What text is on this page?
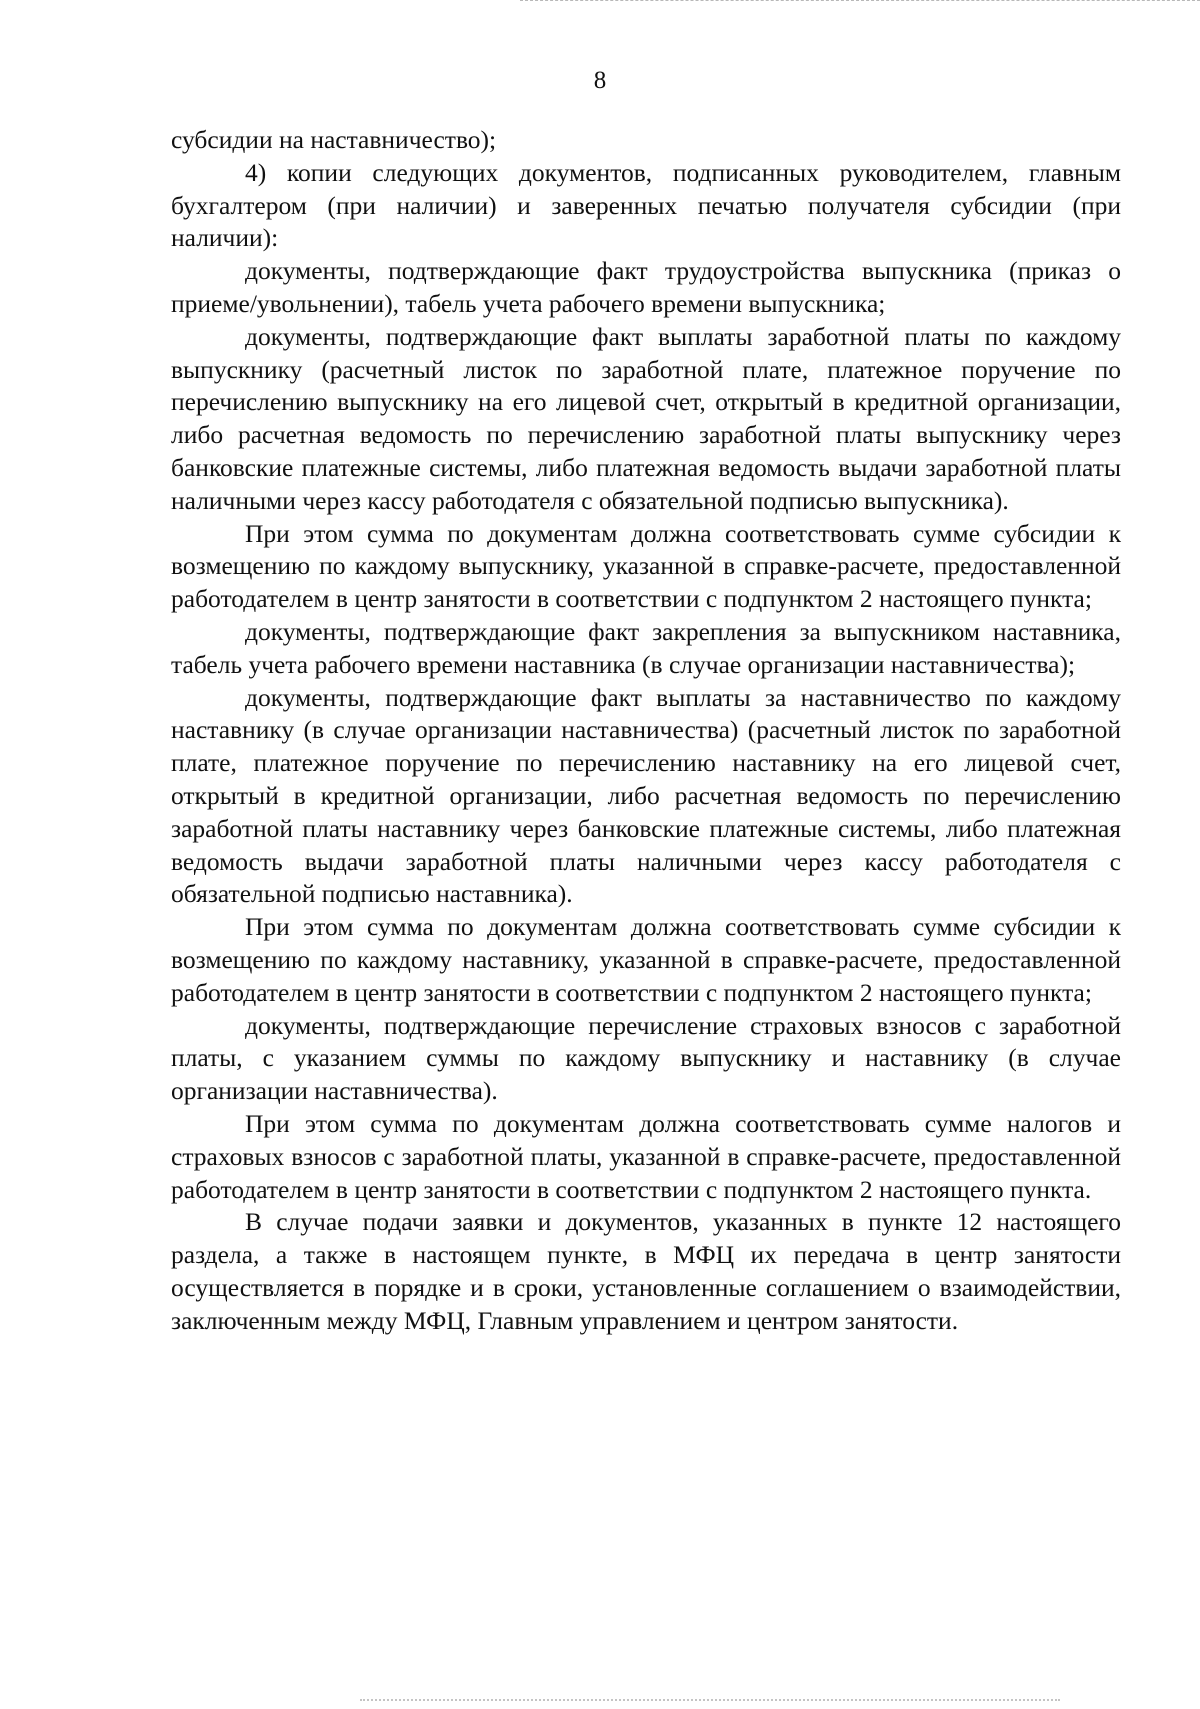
8

субсидии на наставничество);

4) копии следующих документов, подписанных руководителем, главным бухгалтером (при наличии) и заверенных печатью получателя субсидии (при наличии):

документы, подтверждающие факт трудоустройства выпускника (приказ о приеме/увольнении), табель учета рабочего времени выпускника;

документы, подтверждающие факт выплаты заработной платы по каждому выпускнику (расчетный листок по заработной плате, платежное поручение по перечислению выпускнику на его лицевой счет, открытый в кредитной организации, либо расчетная ведомость по перечислению заработной платы выпускнику через банковские платежные системы, либо платежная ведомость выдачи заработной платы наличными через кассу работодателя с обязательной подписью выпускника).

При этом сумма по документам должна соответствовать сумме субсидии к возмещению по каждому выпускнику, указанной в справке-расчете, предоставленной работодателем в центр занятости в соответствии с подпунктом 2 настоящего пункта;

документы, подтверждающие факт закрепления за выпускником наставника, табель учета рабочего времени наставника (в случае организации наставничества);

документы, подтверждающие факт выплаты за наставничество по каждому наставнику (в случае организации наставничества) (расчетный листок по заработной плате, платежное поручение по перечислению наставнику на его лицевой счет, открытый в кредитной организации, либо расчетная ведомость по перечислению заработной платы наставнику через банковские платежные системы, либо платежная ведомость выдачи заработной платы наличными через кассу работодателя с обязательной подписью наставника).

При этом сумма по документам должна соответствовать сумме субсидии к возмещению по каждому наставнику, указанной в справке-расчете, предоставленной работодателем в центр занятости в соответствии с подпунктом 2 настоящего пункта;

документы, подтверждающие перечисление страховых взносов с заработной платы, с указанием суммы по каждому выпускнику и наставнику (в случае организации наставничества).

При этом сумма по документам должна соответствовать сумме налогов и страховых взносов с заработной платы, указанной в справке-расчете, предоставленной работодателем в центр занятости в соответствии с подпунктом 2 настоящего пункта.

В случае подачи заявки и документов, указанных в пункте 12 настоящего раздела, а также в настоящем пункте, в МФЦ их передача в центр занятости осуществляется в порядке и в сроки, установленные соглашением о взаимодействии, заключенным между МФЦ, Главным управлением и центром занятости.
